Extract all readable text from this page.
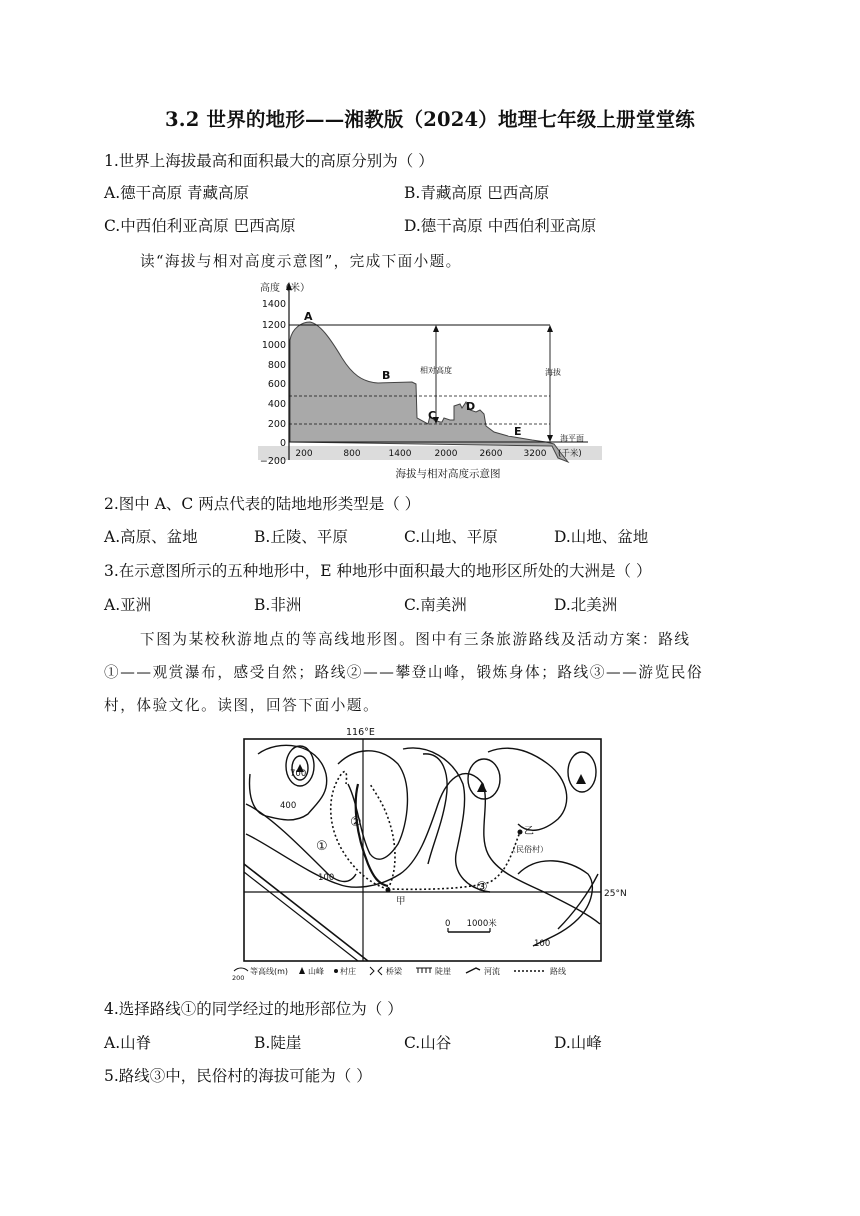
3.2 世界的地形——湘教版（2024）地理七年级上册堂堂练
1.世界上海拔最高和面积最大的高原分别为（ ）
A.德干高原 青藏高原	B.青藏高原 巴西高原
C.中西伯利亚高原 巴西高原	D.德干高原 中西伯利亚高原
读“海拔与相对高度示意图”，完成下面小题。
1400
1200
1000
800
600
400
200
0
−200
200	800	1400	2000 2600 3200 (千米)
高度（米）
A
B
C
D
E
相对高度	海拔
海平面
海拔与相对高度示意图
2.图中 A、C 两点代表的陆地地形类型是（ ）
A.高原、盆地	B.丘陵、平原	C.山地、平原	D.山地、盆地
3.在示意图所示的五种地形中，E 种地形中面积最大的地形区所处的大洲是（ ）
A.亚洲	B.非洲	C.南美洲	D.北美洲
下图为某校秋游地点的等高线地形图。图中有三条旅游路线及活动方案：路线
①——观赏瀑布，感受自然；路线②——攀登山峰，锻炼身体；路线③——游览民俗
村，体验文化。读图，回答下面小题。
116°E
25°N
700
400
100
100
①
②
③
甲
乙
（民俗村）
0      1000米
200
等高线(m) 山峰 村庄	桥梁	陡崖	河流	路线
4.选择路线①的同学经过的地形部位为（ ）
A.山脊	B.陡崖	C.山谷	D.山峰
5.路线③中，民俗村的海拔可能为（ ）
